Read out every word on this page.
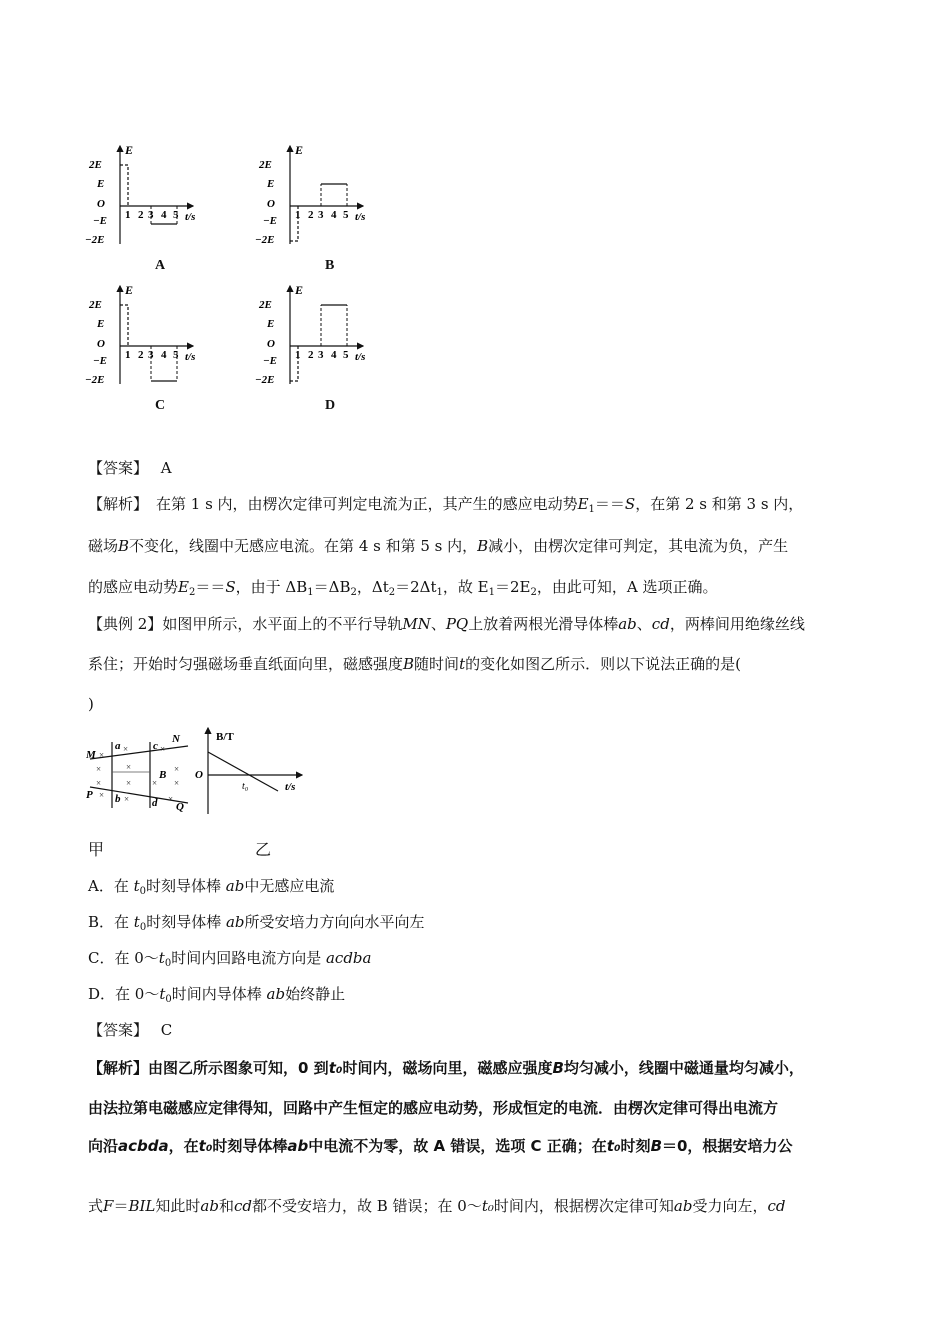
E
t/s
2E
E
O
−E
−2E
1 2 3 4 5
A
E
t/s
2E
E
O
−E
−2E
1 2 3 4 5
B
E
t/s
2E
E
O
−E
−2E
1 2 3 4 5
C
E
t/s
2E
E
O
−E
−2E
1 2 3 4 5
D
【答案】 A
【解析】 在第 1 s 内，由楞次定律可判定电流为正，其产生的感应电动势$E_1==S$，在第 2 s 和第 3 s 内，
磁场B不变化，线圈中无感应电流。在第 4 s 和第 5 s 内，B减小，由楞次定律可判定，其电流为负，产生
的感应电动势$E_2==S$，由于 $\Delta B_1=\Delta B_2$，$\Delta t_2=2\Delta t_1$，故 $E_1=2E_2$，由此可知，A 选项正确。
【典例 2】如图甲所示，水平面上的不平行导轨MN、PQ上放着两根光滑导体棒ab、cd，两棒间用绝缘丝线
系住；开始时匀强磁场垂直纸面向里，磁感强度B随时间t的变化如图乙所示．则以下说法正确的是(
)
M
N
P
Q
a
b
c
d
B
×
×	×
×	×	×
×	× × ×
× ×	×
B/T
O
t₀	t/s
甲	乙
A．在 $t_0$时刻导体棒 ab中无感应电流
B．在 $t_0$时刻导体棒 ab所受安培力方向向水平向左
C．在 $0\sim t_0$时间内回路电流方向是 acdba
D．在 $0\sim t_0$时间内导体棒 ab始终静止
【答案】 C
【解析】由图乙所示图象可知，0 到t₀时间内，磁场向里，磁感应强度B均匀减小，线圈中磁通量均匀减小，
由法拉第电磁感应定律得知，回路中产生恒定的感应电动势，形成恒定的电流．由楞次定律可得出电流方
向沿acbda，在t₀时刻导体棒ab中电流不为零，故 A 错误，选项 C 正确；在t₀时刻B＝0，根据安培力公
式F＝BIL知此时ab和cd都不受安培力，故 B 错误；在 0～t₀时间内，根据楞次定律可知ab受力向左，cd
